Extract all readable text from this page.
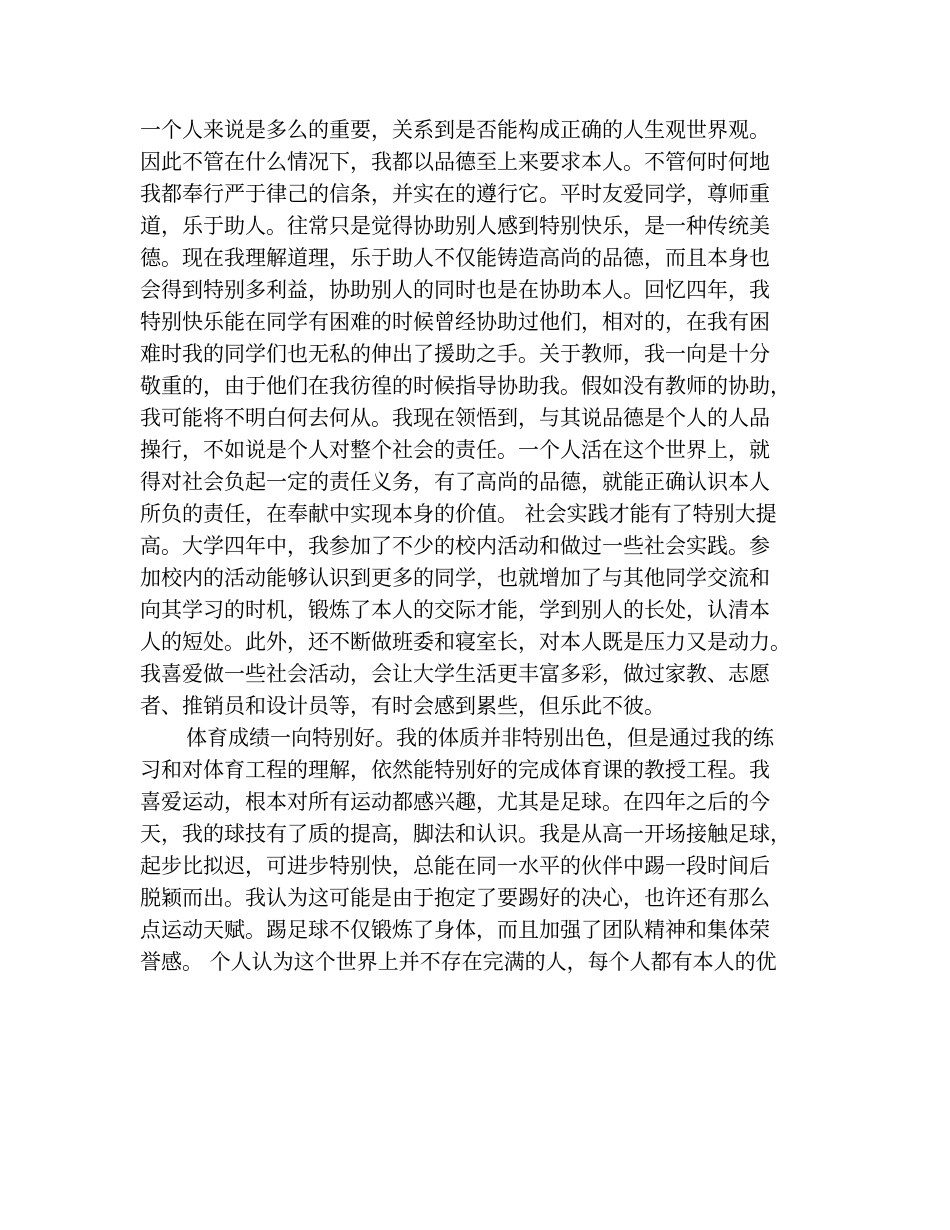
一个人来说是多么的重要，关系到是否能构成正确的人生观世界观。
因此不管在什么情况下，我都以品德至上来要求本人。不管何时何地
我都奉行严于律己的信条，并实在的遵行它。平时友爱同学，尊师重
道，乐于助人。往常只是觉得协助别人感到特别快乐，是一种传统美
德。现在我理解道理，乐于助人不仅能铸造高尚的品德，而且本身也
会得到特别多利益，协助别人的同时也是在协助本人。回忆四年，我
特别快乐能在同学有困难的时候曾经协助过他们，相对的，在我有困
难时我的同学们也无私的伸出了援助之手。关于教师，我一向是十分
敬重的，由于他们在我彷徨的时候指导协助我。假如没有教师的协助，
我可能将不明白何去何从。我现在领悟到，与其说品德是个人的人品
操行，不如说是个人对整个社会的责任。一个人活在这个世界上，就
得对社会负起一定的责任义务，有了高尚的品德，就能正确认识本人
所负的责任，在奉献中实现本身的价值。 社会实践才能有了特别大提
高。大学四年中，我参加了不少的校内活动和做过一些社会实践。参
加校内的活动能够认识到更多的同学，也就增加了与其他同学交流和
向其学习的时机，锻炼了本人的交际才能，学到别人的长处，认清本
人的短处。此外，还不断做班委和寝室长，对本人既是压力又是动力。
我喜爱做一些社会活动，会让大学生活更丰富多彩，做过家教、志愿
者、推销员和设计员等，有时会感到累些，但乐此不彼。
体育成绩一向特别好。我的体质并非特别出色，但是通过我的练
习和对体育工程的理解，依然能特别好的完成体育课的教授工程。我
喜爱运动，根本对所有运动都感兴趣，尤其是足球。在四年之后的今
天，我的球技有了质的提高，脚法和认识。我是从高一开场接触足球，
起步比拟迟，可进步特别快，总能在同一水平的伙伴中踢一段时间后
脱颖而出。我认为这可能是由于抱定了要踢好的决心，也许还有那么
点运动天赋。踢足球不仅锻炼了身体，而且加强了团队精神和集体荣
誉感。 个人认为这个世界上并不存在完满的人，每个人都有本人的优
